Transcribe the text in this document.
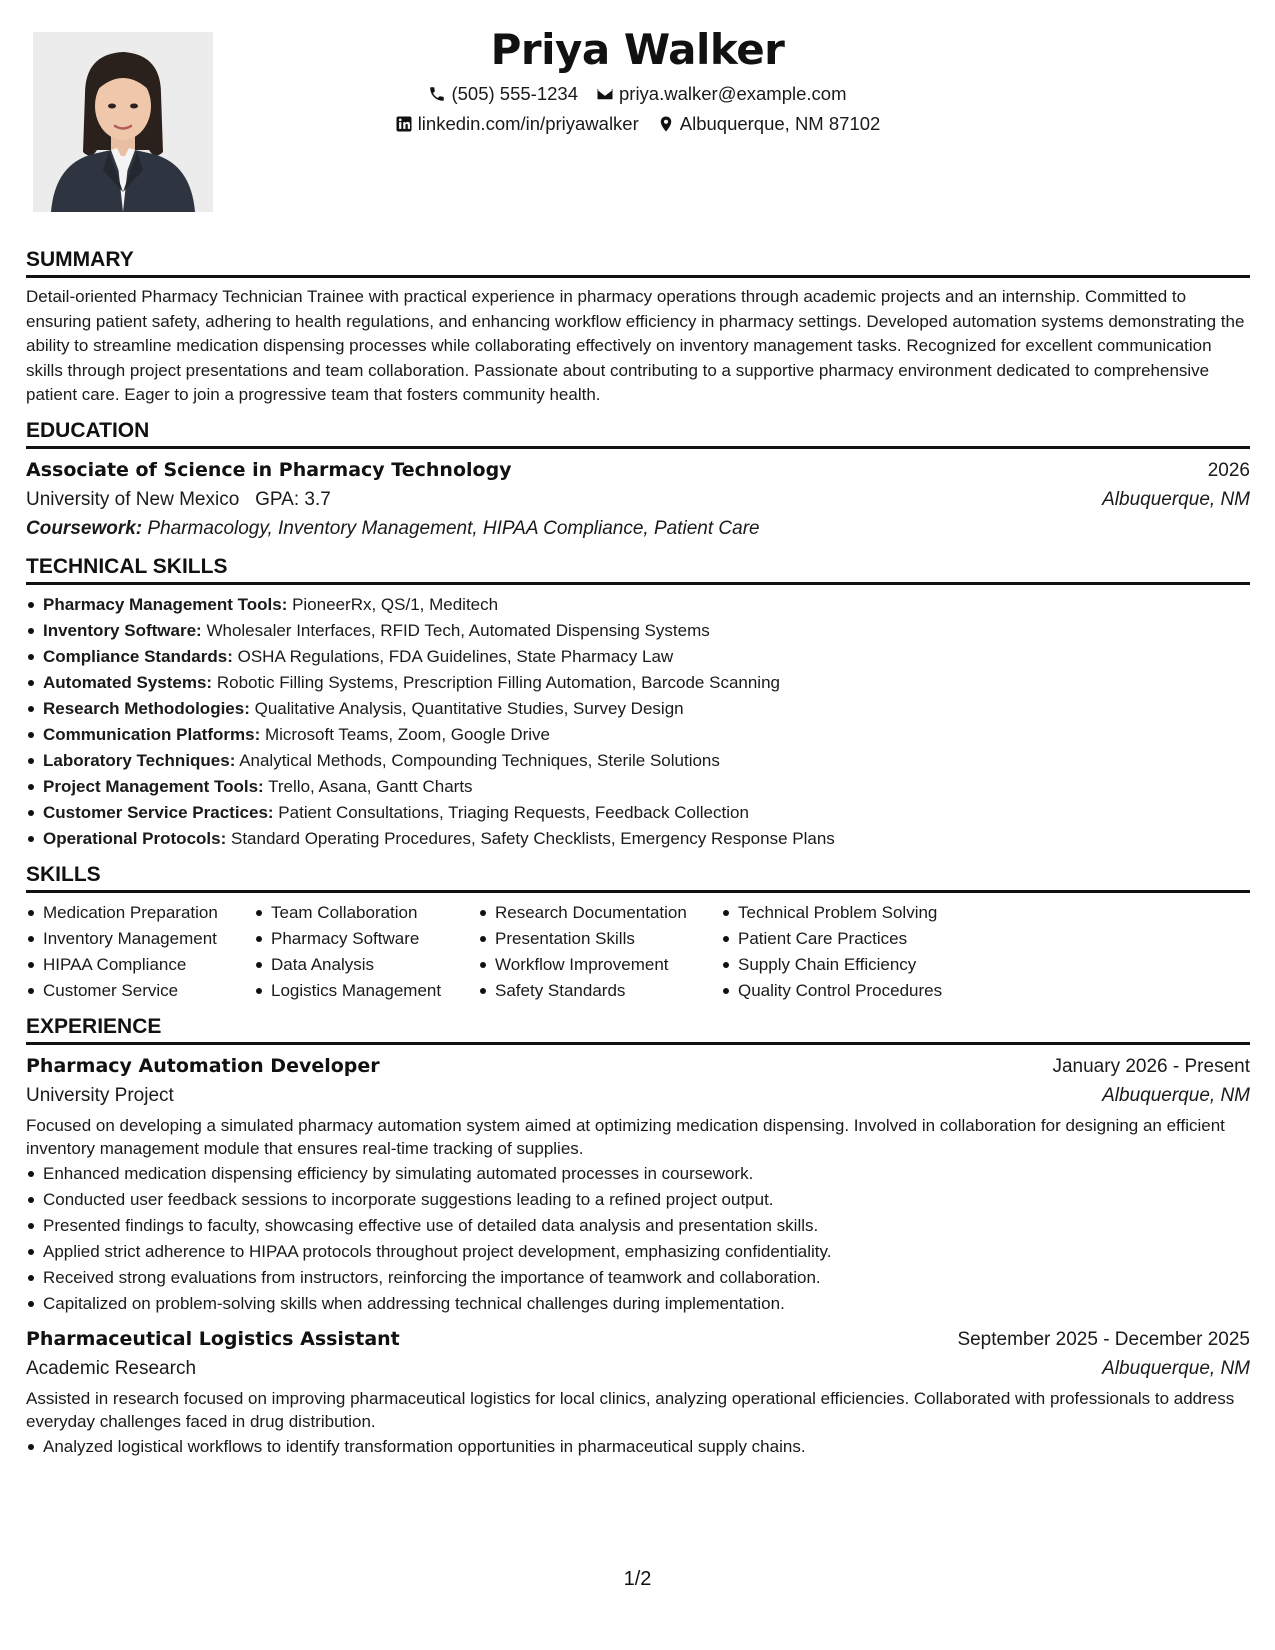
Priya Walker
(505) 555-1234 priya.walker@example.com
linkedin.com/in/priyawalker Albuquerque, NM 87102
SUMMARY

Detail-oriented Pharmacy Technician Trainee with practical experience in pharmacy operations through academic projects and an internship. Committed to ensuring patient safety, adhering to health regulations, and enhancing workflow efficiency in pharmacy settings. Developed automation systems demonstrating the ability to streamline medication dispensing processes while collaborating effectively on inventory management tasks. Recognized for excellent communication skills through project presentations and team collaboration. Passionate about contributing to a supportive pharmacy environment dedicated to comprehensive patient care. Eager to join a progressive team that fosters community health.

EDUCATION
Associate of Science in Pharmacy Technology	2026
University of New Mexico GPA: 3.7	Albuquerque, NM
Coursework: Pharmacology, Inventory Management, HIPAA Compliance, Patient Care
TECHNICAL SKILLS
Pharmacy Management Tools: PioneerRx, QS/1, Meditech
Inventory Software: Wholesaler Interfaces, RFID Tech, Automated Dispensing Systems
Compliance Standards: OSHA Regulations, FDA Guidelines, State Pharmacy Law
Automated Systems: Robotic Filling Systems, Prescription Filling Automation, Barcode Scanning
Research Methodologies: Qualitative Analysis, Quantitative Studies, Survey Design
Communication Platforms: Microsoft Teams, Zoom, Google Drive
Laboratory Techniques: Analytical Methods, Compounding Techniques, Sterile Solutions
Project Management Tools: Trello, Asana, Gantt Charts
Customer Service Practices: Patient Consultations, Triaging Requests, Feedback Collection
Operational Protocols: Standard Operating Procedures, Safety Checklists, Emergency Response Plans
SKILLS
Medication Preparation
Inventory Management
HIPAA Compliance
Customer Service
Team Collaboration
Pharmacy Software
Data Analysis
Logistics Management
Research Documentation
Presentation Skills
Workflow Improvement
Safety Standards
Technical Problem Solving
Patient Care Practices
Supply Chain Efficiency
Quality Control Procedures
EXPERIENCE
Pharmacy Automation Developer	January 2026 - Present
University Project	Albuquerque, NM

Focused on developing a simulated pharmacy automation system aimed at optimizing medication dispensing. Involved in collaboration for designing an efficient inventory management module that ensures real-time tracking of supplies.

Enhanced medication dispensing efficiency by simulating automated processes in coursework.
Conducted user feedback sessions to incorporate suggestions leading to a refined project output.
Presented findings to faculty, showcasing effective use of detailed data analysis and presentation skills.
Applied strict adherence to HIPAA protocols throughout project development, emphasizing confidentiality.
Received strong evaluations from instructors, reinforcing the importance of teamwork and collaboration.
Capitalized on problem-solving skills when addressing technical challenges during implementation.
Pharmaceutical Logistics Assistant	September 2025 - December 2025
Academic Research	Albuquerque, NM

Assisted in research focused on improving pharmaceutical logistics for local clinics, analyzing operational efficiencies. Collaborated with professionals to address everyday challenges faced in drug distribution.

Analyzed logistical workflows to identify transformation opportunities in pharmaceutical supply chains.
1/2
